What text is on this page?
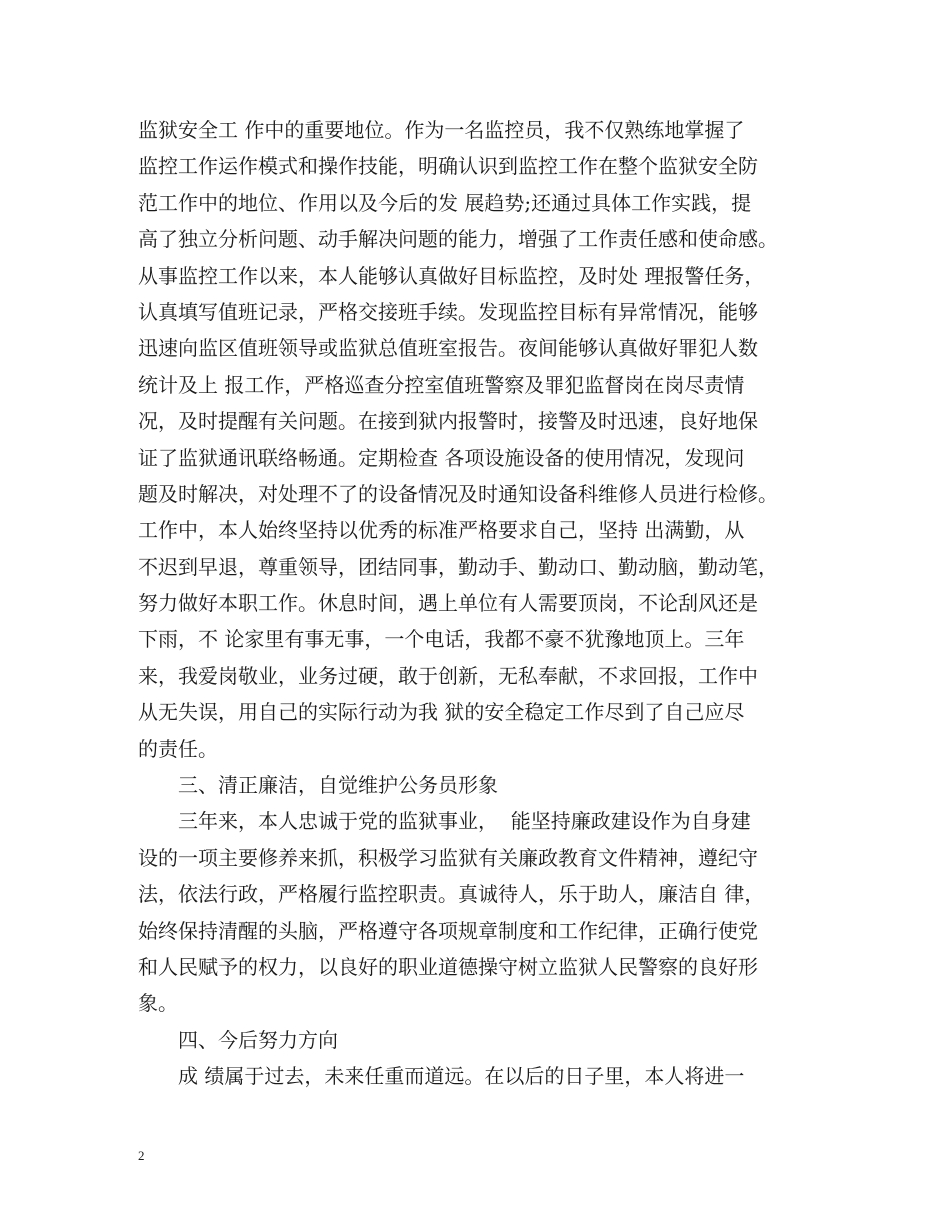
监狱安全工 作中的重要地位。作为一名监控员，我不仅熟练地掌握了
监控工作运作模式和操作技能，明确认识到监控工作在整个监狱安全防
范工作中的地位、作用以及今后的发 展趋势;还通过具体工作实践，提
高了独立分析问题、动手解决问题的能力，增强了工作责任感和使命感。
从事监控工作以来，本人能够认真做好目标监控，及时处 理报警任务，
认真填写值班记录，严格交接班手续。发现监控目标有异常情况，能够
迅速向监区值班领导或监狱总值班室报告。夜间能够认真做好罪犯人数
统计及上 报工作，严格巡查分控室值班警察及罪犯监督岗在岗尽责情
况，及时提醒有关问题。在接到狱内报警时，接警及时迅速，良好地保
证了监狱通讯联络畅通。定期检查 各项设施设备的使用情况，发现问
题及时解决，对处理不了的设备情况及时通知设备科维修人员进行检修。
工作中，本人始终坚持以优秀的标准严格要求自己，坚持 出满勤，从
不迟到早退，尊重领导，团结同事，勤动手、勤动口、勤动脑，勤动笔，
努力做好本职工作。休息时间，遇上单位有人需要顶岗，不论刮风还是
下雨，不 论家里有事无事，一个电话，我都不豪不犹豫地顶上。三年
来，我爱岗敬业，业务过硬，敢于创新，无私奉献，不求回报，工作中
从无失误，用自己的实际行动为我 狱的安全稳定工作尽到了自己应尽
的责任。
三、清正廉洁，自觉维护公务员形象
三年来，本人忠诚于党的监狱事业，  能坚持廉政建设作为自身建
设的一项主要修养来抓，积极学习监狱有关廉政教育文件精神，遵纪守
法，依法行政，严格履行监控职责。真诚待人，乐于助人，廉洁自 律，
始终保持清醒的头脑，严格遵守各项规章制度和工作纪律，正确行使党
和人民赋予的权力，以良好的职业道德操守树立监狱人民警察的良好形
象。
四、今后努力方向
成 绩属于过去，未来任重而道远。在以后的日子里，本人将进一
2
